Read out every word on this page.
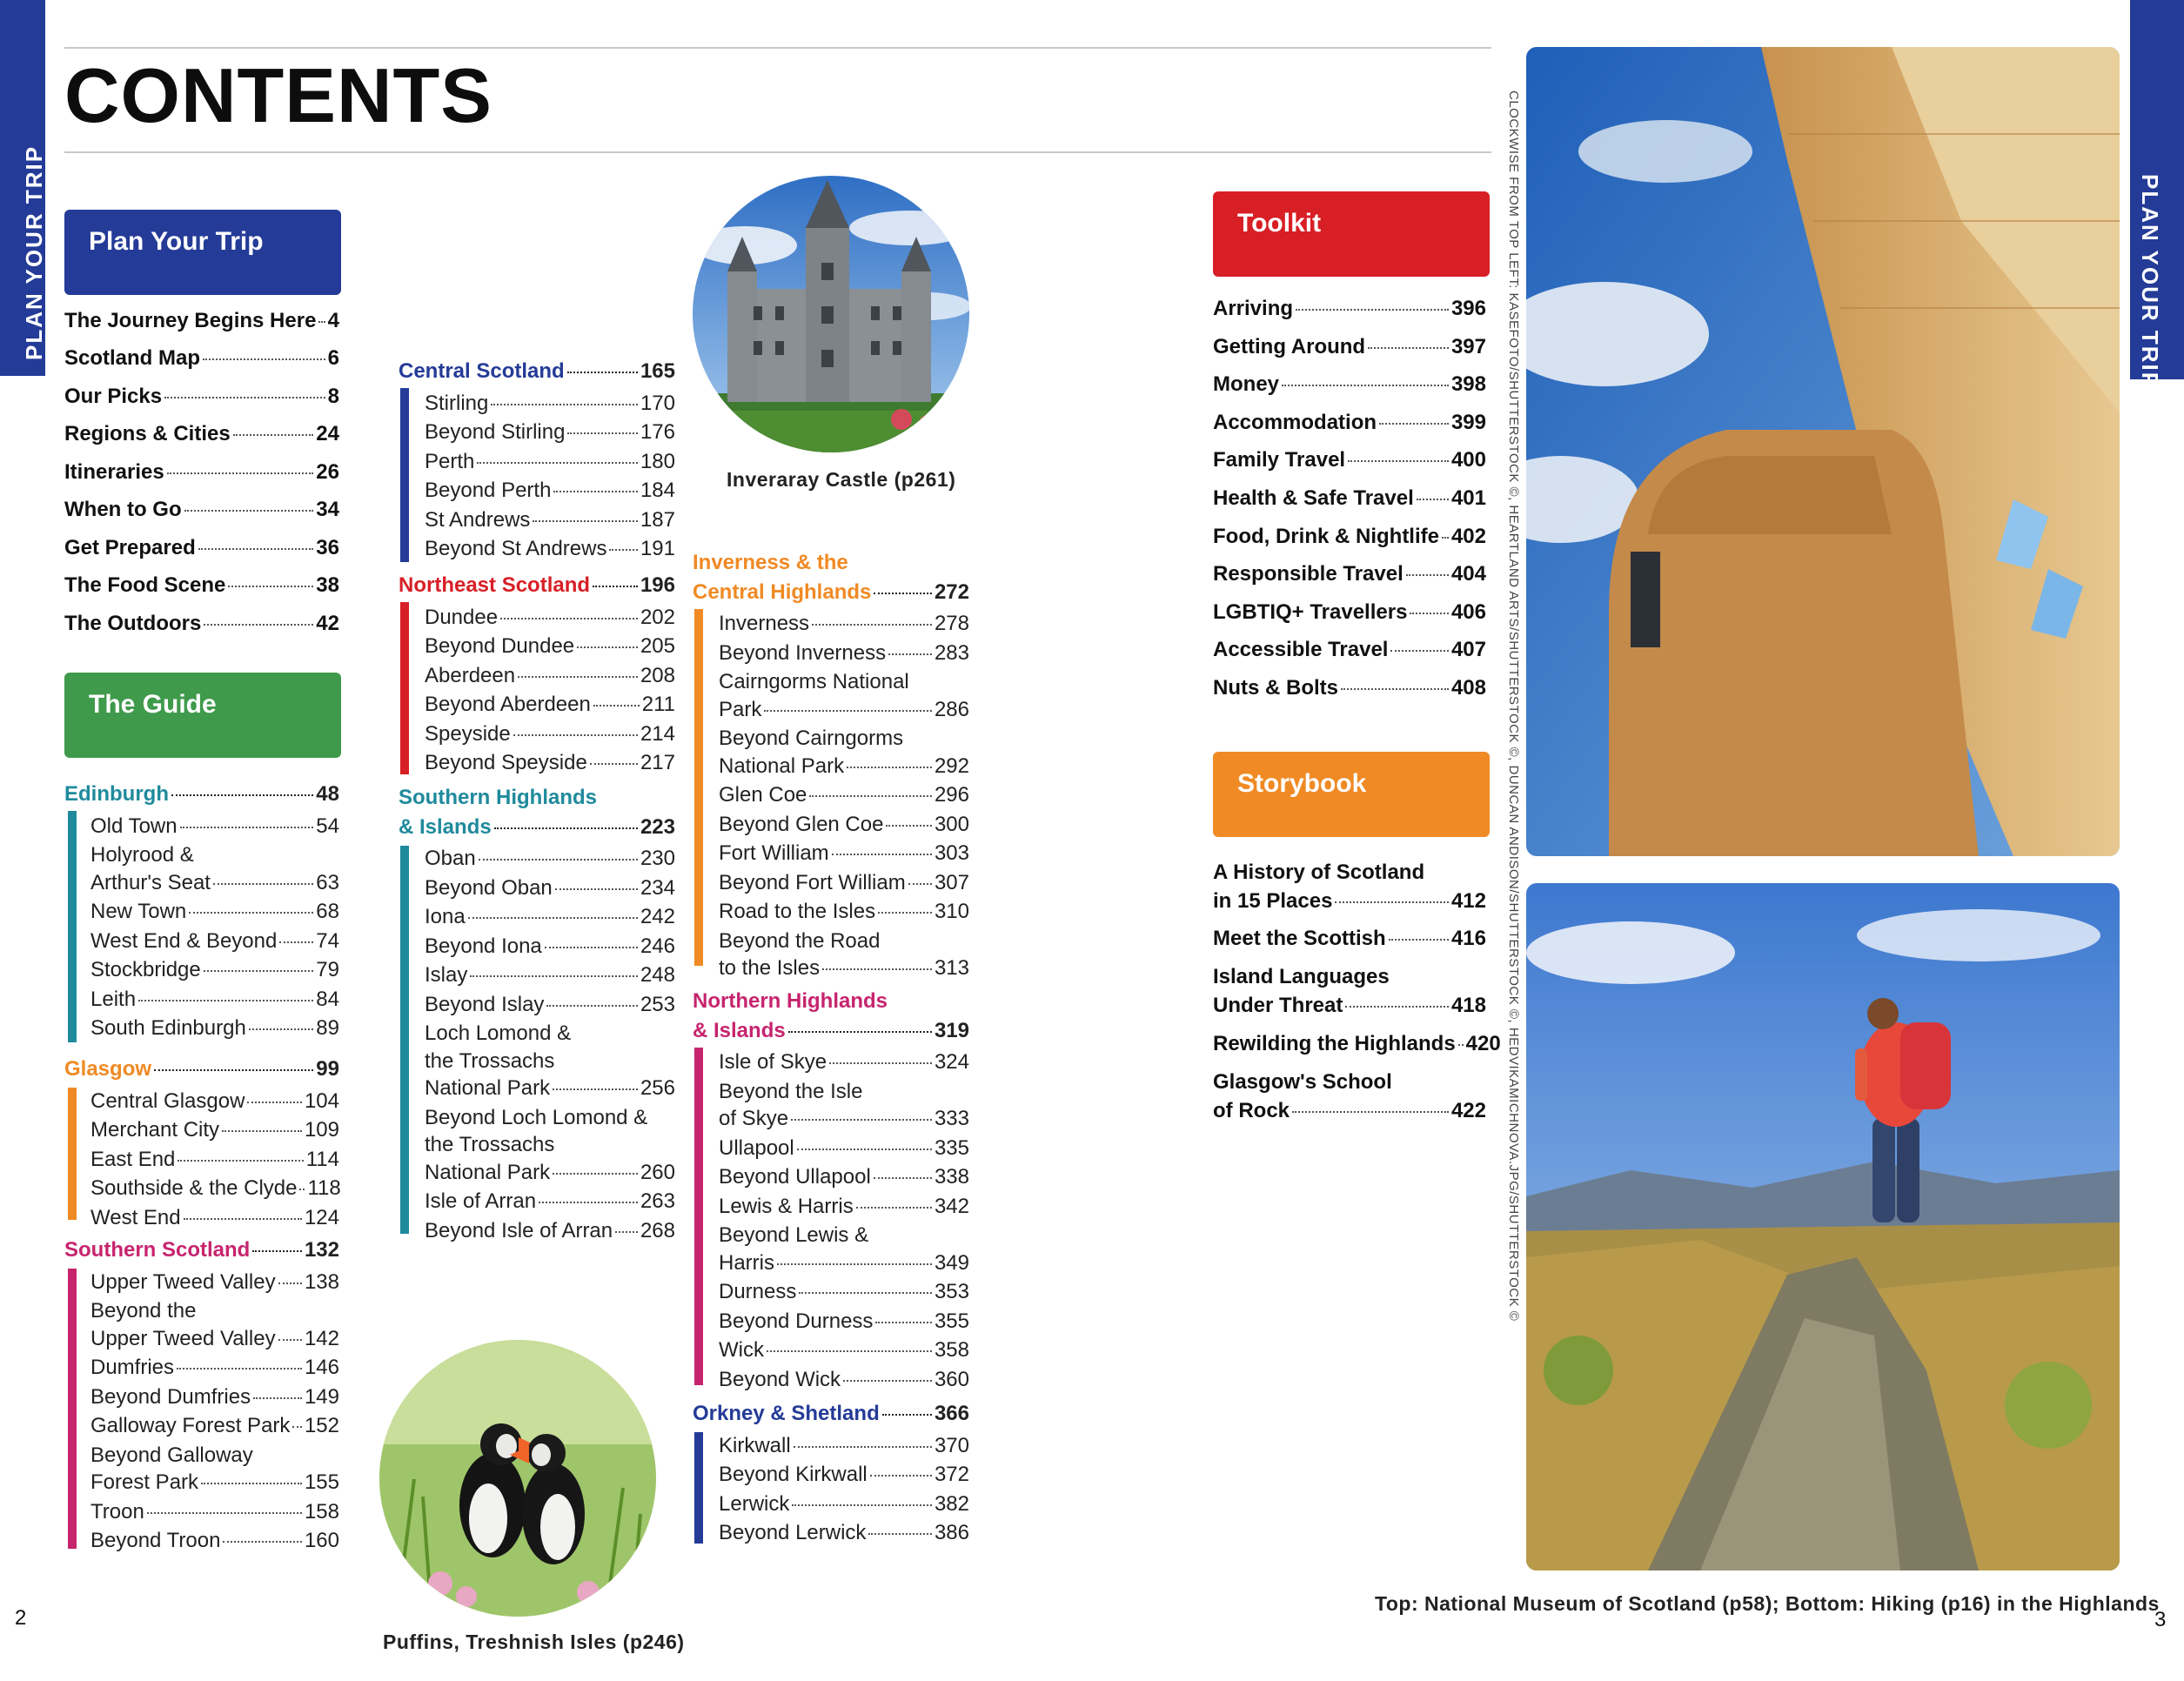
PLAN YOUR TRIP	PLAN YOUR TRIP
CONTENTS
Plan Your Trip
The Guide
Toolkit
Storybook	CLOCKWISE FROM TOP LEFT: KASEFOTO/SHUTTERSTOCK ©, HEARTLAND ARTS/SHUTTERSTOCK ©, DUNCAN ANDISON/SHUTTERSTOCK ©, HEDVIKAMICHNOVA.JPG/SHUTTERSTOCK ©
Inveraray Castle (p261)
Puffins, Treshnish Isles (p246)
Top: National Museum of Scotland (p58); Bottom: Hiking (p16) in the Highlands
2	3
The Journey Begins Here 4
Scotland Map	6
Our Picks	8
Regions & Cities	24
Itineraries	26
When to Go	34
Get Prepared	36
The Food Scene	38
The Outdoors	42
Edinburgh	48
Old Town	54
Holyrood &
Arthur's Seat	63
New Town	68
West End & Beyond 74
Stockbridge	79
Leith	84
South Edinburgh	89
Glasgow	99
Central Glasgow	104
Merchant City	109
East End	114
Southside & the Clyde 118
West End	124
Southern Scotland	132
Upper Tweed Valley 138
Beyond the
Upper Tweed Valley 142
Dumfries	146
Beyond Dumfries	149
Galloway Forest Park 152
Beyond Galloway
Forest Park	155
Troon	158
Beyond Troon	160
Central Scotland	165
Stirling	170
Beyond Stirling	176
Perth	180
Beyond Perth	184
St Andrews	187
Beyond St Andrews 191
Northeast Scotland 196
Dundee	202
Beyond Dundee	205
Aberdeen	208
Beyond Aberdeen 211
Speyside	214
Beyond Speyside	217
Southern Highlands
& Islands	223
Oban	230
Beyond Oban	234
Iona	242
Beyond Iona	246
Islay	248
Beyond Islay	253
Loch Lomond &
the Trossachs
National Park	256
Beyond Loch Lomond &
the Trossachs
National Park	260
Isle of Arran	263
Beyond Isle of Arran 268
Inverness & the
Central Highlands	272
Inverness	278
Beyond Inverness 283
Cairngorms National
Park	286
Beyond Cairngorms
National Park	292
Glen Coe	296
Beyond Glen Coe 300
Fort William	303
Beyond Fort William 307
Road to the Isles	310
Beyond the Road
to the Isles	313
Northern Highlands
& Islands	319
Isle of Skye	324
Beyond the Isle
of Skye	333
Ullapool	335
Beyond Ullapool	338
Lewis & Harris	342
Beyond Lewis &
Harris	349
Durness	353
Beyond Durness	355
Wick	358
Beyond Wick	360
Orkney & Shetland	366
Kirkwall	370
Beyond Kirkwall	372
Lerwick	382
Beyond Lerwick	386
Arriving	396
Getting Around	397
Money	398
Accommodation	399
Family Travel	400
Health & Safe Travel 401
Food, Drink & Nightlife 402
Responsible Travel 404
LGBTIQ+ Travellers 406
Accessible Travel	407
Nuts & Bolts	408
A History of Scotland
in 15 Places	412
Meet the Scottish	416
Island Languages
Under Threat	418
Rewilding the Highlands 420
Glasgow's School
of Rock	422
